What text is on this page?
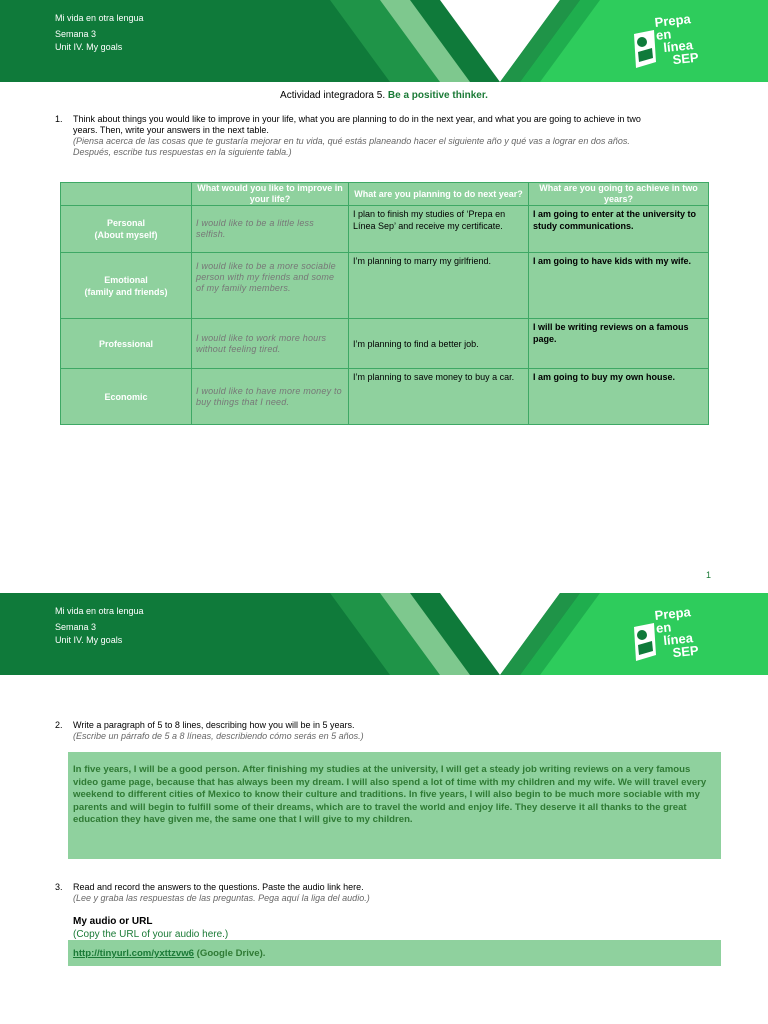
Mi vida en otra lengua
Semana 3
Unit IV. My goals
Prepa en
línea
SEP
Actividad integradora 5. Be a positive thinker.
1. Think about things you would like to improve in your life, what you are planning to do in the next year, and what you are going to achieve in two
years. Then, write your answers in the next table.
(Piensa acerca de las cosas que te gustaría mejorar en tu vida, qué estás planeando hacer el siguiente año y qué vas a lograr en dos años.
Después, escribe tus respuestas en la siguiente tabla.)
	What would you like to improve in your life?	What are you planning to do next year?	What are you going to achieve in two years?

Personal
(About myself)	I would like to be a little less selfish.	I plan to finish my studies of ‘Prepa en Línea Sep’ and receive my certificate.	I am going to enter at the university to study communications.

Emotional
(family and friends)	I would like to be a more sociable person with my friends and some of my family members.	I’m planning to marry my girlfriend.	I am going to have kids with my wife.

Professional	I would like to work more hours without feeling tired.	I’m planning to find a better job.	I will be writing reviews on a famous page.

Economic	I would like to have more money to buy things that I need.	I’m planning to save money to buy a car.	I am going to buy my own house.
1
Mi vida en otra lengua
Semana 3
Unit IV. My goals
Prepa en
línea
SEP
2. Write a paragraph of 5 to 8 lines, describing how you will be in 5 years.
(Escribe un párrafo de 5 a 8 líneas, describiendo cómo serás en 5 años.)
In five years, I will be a good person. After finishing my studies at the university, I will get a steady job writing reviews on a very famous video game page, because that has always been my dream. I will also spend a lot of time with my children and my wife. We will travel every weekend to different cities of Mexico to know their culture and traditions. In five years, I will also begin to be much more sociable with my parents and will begin to fulfill some of their dreams, which are to travel the world and enjoy life. They deserve it all thanks to the great education they have given me, the same one that I will give to my children.
3. Read and record the answers to the questions. Paste the audio link here.
(Lee y graba las respuestas de las preguntas. Pega aquí la liga del audio.)
My audio or URL
(Copy the URL of your audio here.)
http://tinyurl.com/yxttzvw6 (Google Drive).
